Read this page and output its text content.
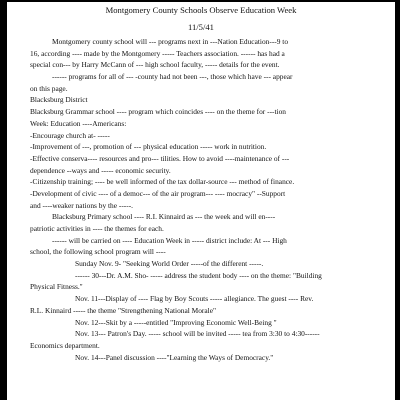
Montgomery County Schools Observe Education Week
11/5/41
Montgomery county school will --- programs next in ---Nation Education---9 to
16, according ---- made by the Montgomery ----- Teachers association. ------ has had a
special con--- by Harry McCann of --- high school faculty, ----- details for the event.
------ programs for all of --- -county had not been ---, those which have --- appear
on this page.
Blacksburg District
Blacksburg Grammar school ---- program which coincides ---- on the theme for ---tion
Week: Education ----Americans:
-Encourage church at- -----
-Improvement of ---, promotion of --- physical education ----- work in nutrition.
-Effective conserva---- resources and pro--- tilities. How to avoid ----maintenance of ---
dependence --ways and ----- economic security.
-Citizenship training; ---- be well informed of the tax dollar-source --- method of finance.
-Development of civic ---- of a democ--- of the air program--- ---- mocracy" --Support
and ----weaker nations by the -----.
Blacksburg Primary school ---- R.I. Kinnaird as --- the week and will en----
patriotic activities in ---- the themes for each.
------ will be carried on ---- Education Week in ----- district include: At --- High
school, the following school program will ----
Sunday Nov. 9- "Seeking World Order -----of the different -----.
------ 30---Dr. A.M. Sho- ----- address the student body ---- on the theme: "Building
Physical Fitness."
Nov. 11---Display of ---- Flag by Boy Scouts ----- allegiance. The guest ---- Rev.
R.L. Kinnaird ----- the theme "Strengthening National Morale"
Nov. 12---Skit by a -----entitled "Improving Economic Well-Being "
Nov. 13--- Patron's Day. ----- school will be invited ----- tea from 3:30 to 4:30------
Economics department.
Nov. 14---Panel discussion ----"Learning the Ways of Democracy."
